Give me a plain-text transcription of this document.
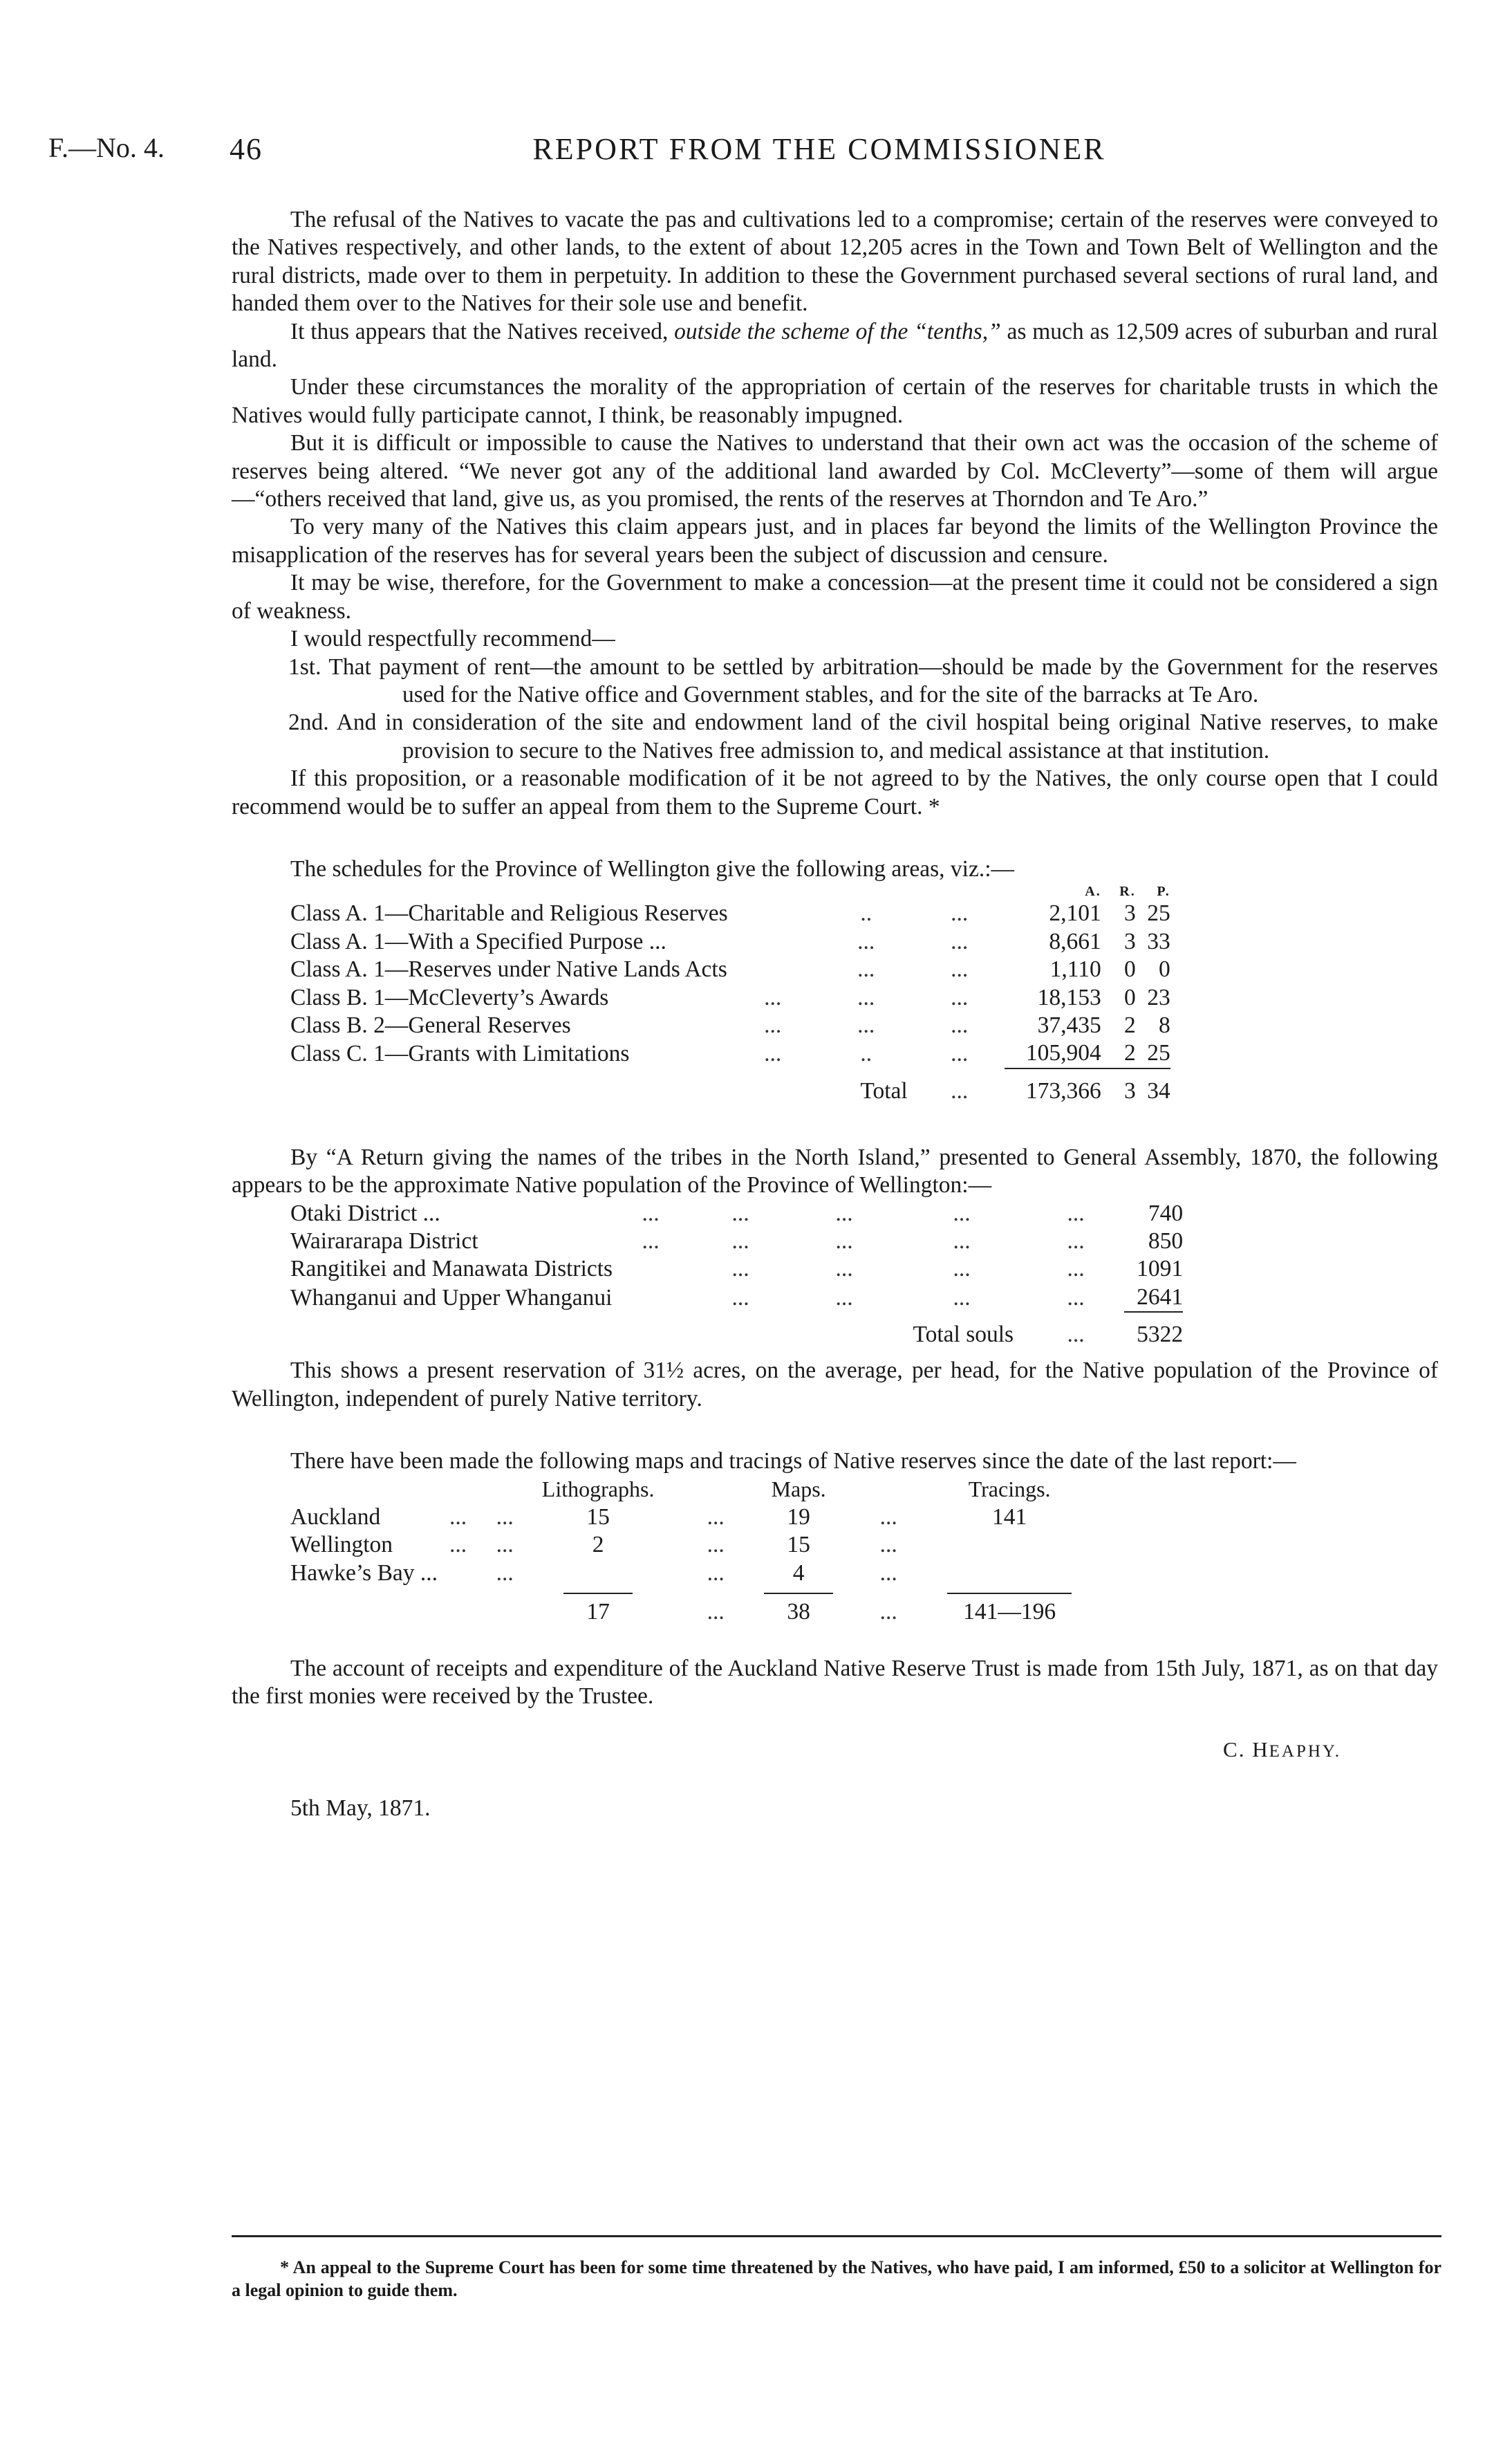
F.—No. 4. 46	REPORT FROM THE COMMISSIONER

The refusal of the Natives to vacate the pas and cultivations led to a compromise; certain of the reserves were conveyed to the Natives respectively, and other lands, to the extent of about 12,205 acres in the Town and Town Belt of Wellington and the rural districts, made over to them in perpetuity. In addition to these the Government purchased several sections of rural land, and handed them over to the Natives for their sole use and benefit.

It thus appears that the Natives received, outside the scheme of the “tenths,” as much as 12,509 acres of suburban and rural land.

Under these circumstances the morality of the appropriation of certain of the reserves for charitable trusts in which the Natives would fully participate cannot, I think, be reasonably impugned.

But it is difficult or impossible to cause the Natives to understand that their own act was the occasion of the scheme of reserves being altered. “We never got any of the additional land awarded by Col. McCleverty”—some of them will argue—“others received that land, give us, as you promised, the rents of the reserves at Thorndon and Te Aro.”

To very many of the Natives this claim appears just, and in places far beyond the limits of the Wellington Province the misapplication of the reserves has for several years been the subject of discussion and censure.

It may be wise, therefore, for the Government to make a concession—at the present time it could not be considered a sign of weakness.

I would respectfully recommend—

1st. That payment of rent—the amount to be settled by arbitration—should be made by the Government for the reserves used for the Native office and Government stables, and for the site of the barracks at Te Aro.

2nd. And in consideration of the site and endowment land of the civil hospital being original Native reserves, to make provision to secure to the Natives free admission to, and medical assistance at that institution.

If this proposition, or a reasonable modification of it be not agreed to by the Natives, the only course open that I could recommend would be to suffer an appeal from them to the Supreme Court. *

The schedules for the Province of Wellington give the following areas, viz.:—

				A.	R.	P.
Class A. 1—Charitable and Religious Reserves		..	...	2,101	3	25
Class A. 1—With a Specified Purpose ...		...	...	8,661	3	33
Class A. 1—Reserves under Native Lands Acts		...	...	1,110	0	0
Class B. 1—McCleverty’s Awards	...	...	...	18,153	0	23
Class B. 2—General Reserves	...	...	...	37,435	2	8
Class C. 1—Grants with Limitations	...	..	...	105,904	2	25
		Total	...	173,366	3	34

By “A Return giving the names of the tribes in the North Island,” presented to General Assembly, 1870, the following appears to be the approximate Native population of the Province of Wellington:—

Otaki District ...	...	...	...	...	...	740
Wairararapa District	...	...	...	...	...	850
Rangitikei and Manawata Districts		...	...	...	...	1091
Whanganui and Upper Whanganui		...	...	...	...	2641
			Total souls		...	5322

This shows a present reservation of 31½ acres, on the average, per head, for the Native population of the Province of Wellington, independent of purely Native territory.

There have been made the following maps and tracings of Native reserves since the date of the last report:—

			Lithographs.		Maps.		Tracings.
Auckland	...	...	15	...	19	...	141
Wellington	...	...	2	...	15	...	
Hawke’s Bay ...		...		...	4	...	
			17	...	38	...	141—196

The account of receipts and expenditure of the Auckland Native Reserve Trust is made from 15th July, 1871, as on that day the first monies were received by the Trustee.

C. HEAPHY.
5th May, 1871.
* An appeal to the Supreme Court has been for some time threatened by the Natives, who have paid, I am informed, £50 to a solicitor at Wellington for a legal opinion to guide them.
